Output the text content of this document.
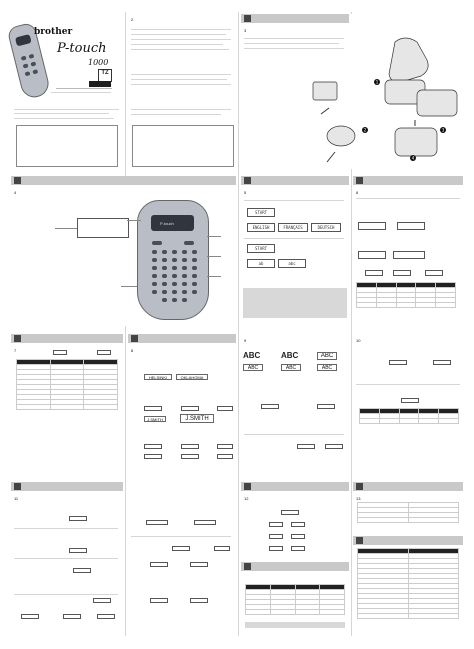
brother
P-touch
1000
TZ
2
3
1
2	3
4
4
P-touch
5
START
ENGLISH	FRANÇAIS	DEUTSCH
START
ab	abc
6

7

			8
HELSINKI	OKLAHOMA
J.SMITH	J.SMITH
9
ABC	ABC	ABC
ABC	ABC	ABC
10

11	12

				13
